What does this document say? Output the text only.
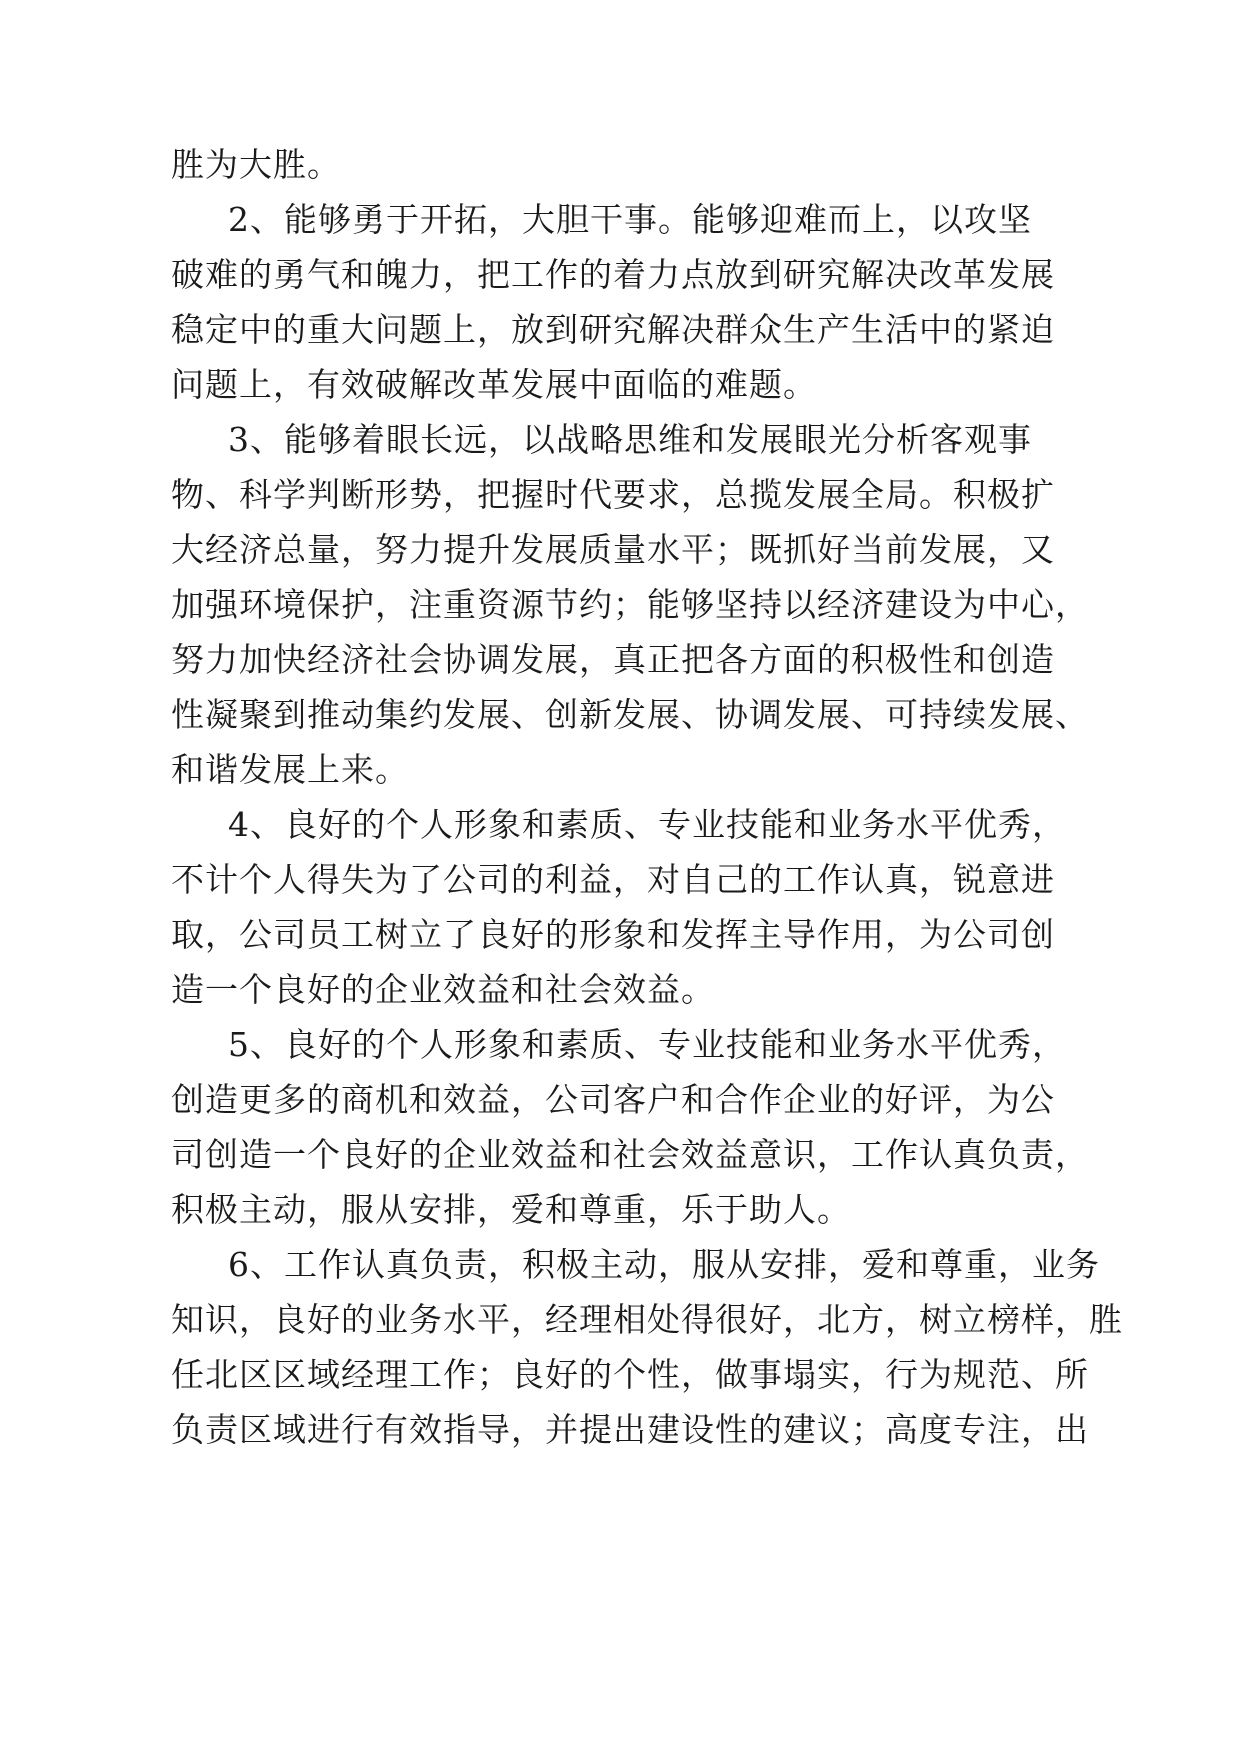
胜为大胜。
2、能够勇于开拓，大胆干事。能够迎难而上，以攻坚
破难的勇气和魄力，把工作的着力点放到研究解决改革发展
稳定中的重大问题上，放到研究解决群众生产生活中的紧迫
问题上，有效破解改革发展中面临的难题。
3、能够着眼长远，以战略思维和发展眼光分析客观事
物、科学判断形势，把握时代要求，总揽发展全局。积极扩
大经济总量，努力提升发展质量水平；既抓好当前发展，又
加强环境保护，注重资源节约；能够坚持以经济建设为中心，
努力加快经济社会协调发展，真正把各方面的积极性和创造
性凝聚到推动集约发展、创新发展、协调发展、可持续发展、
和谐发展上来。
4、良好的个人形象和素质、专业技能和业务水平优秀，
不计个人得失为了公司的利益，对自己的工作认真，锐意进
取，公司员工树立了良好的形象和发挥主导作用，为公司创
造一个良好的企业效益和社会效益。
5、良好的个人形象和素质、专业技能和业务水平优秀，
创造更多的商机和效益，公司客户和合作企业的好评，为公
司创造一个良好的企业效益和社会效益意识，工作认真负责，
积极主动，服从安排，爱和尊重，乐于助人。
6、工作认真负责，积极主动，服从安排，爱和尊重，业务
知识，良好的业务水平，经理相处得很好，北方，树立榜样，胜
任北区区域经理工作；良好的个性，做事塌实，行为规范、所
负责区域进行有效指导，并提出建设性的建议；高度专注，出
